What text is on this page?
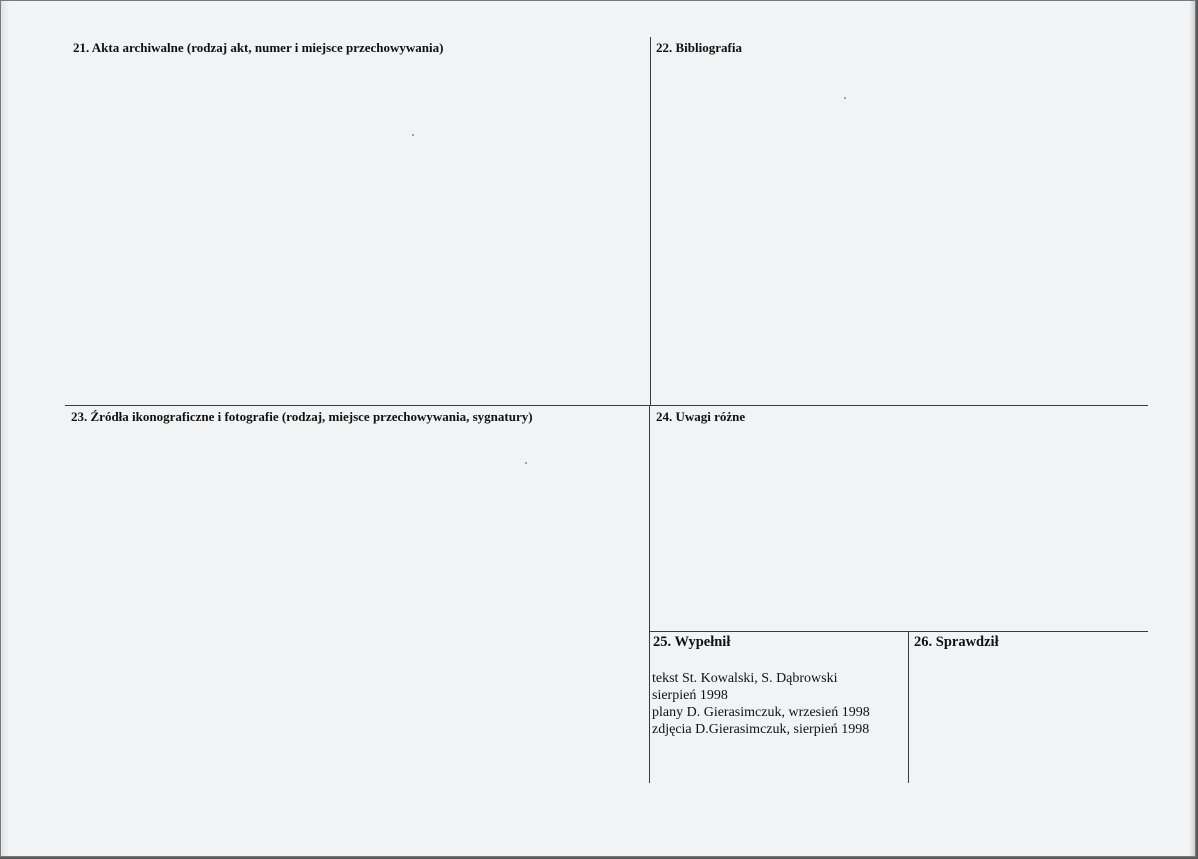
21. Akta archiwalne (rodzaj akt, numer i miejsce przechowywania)	22. Bibliografia
23. Źródła ikonograficzne i fotografie (rodzaj, miejsce przechowywania, sygnatury)	24. Uwagi różne
25. Wypełnił	26. Sprawdził
tekst St. Kowalski, S. Dąbrowski
sierpień 1998
plany D. Gierasimczuk, wrzesień 1998
zdjęcia D.Gierasimczuk, sierpień 1998
